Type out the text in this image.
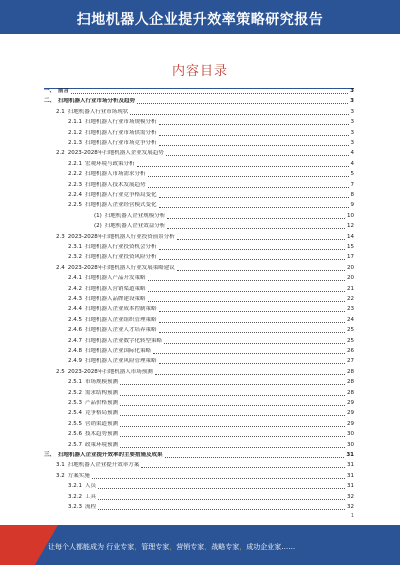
扫地机器人企业提升效率策略研究报告
内容目录
一、 前言	3
二、 扫地机器人行业市场分析及趋势	3
2.1 扫地机器人行业市场现状	3
2.1.1 扫地机器人行业市场规模分析	3
2.1.2 扫地机器人行业市场供需分析	3
2.1.3 扫地机器人行业市场竞争分析	3
2.2 2023-2028年扫地机器人企业发展趋势	4
2.2.1 宏观环境与政策分析	4
2.2.2 扫地机器人市场需求分析	5
2.2.3 扫地机器人技术发展趋势	7
2.2.4 扫地机器人行业竞争格局变化	8
2.2.5 扫地机器人企业经营模式变化	9
(1) 扫地机器人企业规模分析	10
(2) 扫地机器人企业效益分析	12
2.3 2023-2028年扫地机器人行业投资前景分析	14
2.3.1 扫地机器人行业投资机会分析	15
2.3.2 扫地机器人行业投资风险分析	17
2.4 2023-2028年扫地机器人行业发展策略建议	20
2.4.1 扫地机器人产品开发策略	20
2.4.2 扫地机器人营销渠道策略	21
2.4.3 扫地机器人品牌建设策略	22
2.4.4 扫地机器人企业成本控制策略	23
2.4.5 扫地机器人企业组织管理策略	24
2.4.6 扫地机器人企业人才培养策略	25
2.4.7 扫地机器人企业数字化转型策略	25
2.4.8 扫地机器人企业国际化策略	26
2.4.9 扫地机器人企业风险管理策略	27
2.5 2023-2028年扫地机器人市场预测	28
2.5.1 市场规模预测	28
2.5.2 需求结构预测	28
2.5.3 产品价格预测	29
2.5.4 竞争格局预测	29
2.5.5 营销渠道预测	29
2.5.6 技术趋势预测	30
2.5.7 政策环境预测	30
三、 扫地机器人企业提升效率的主要措施及成果	31
3.1 扫地机器人企业提升效率方案	31
3.2 方案实施	31
3.2.1 人员	31
3.2.2 工具	32
3.2.3 流程	32
1
让每个人都能成为 行业专家，管理专家，营销专家，战略专家，成功企业家……
